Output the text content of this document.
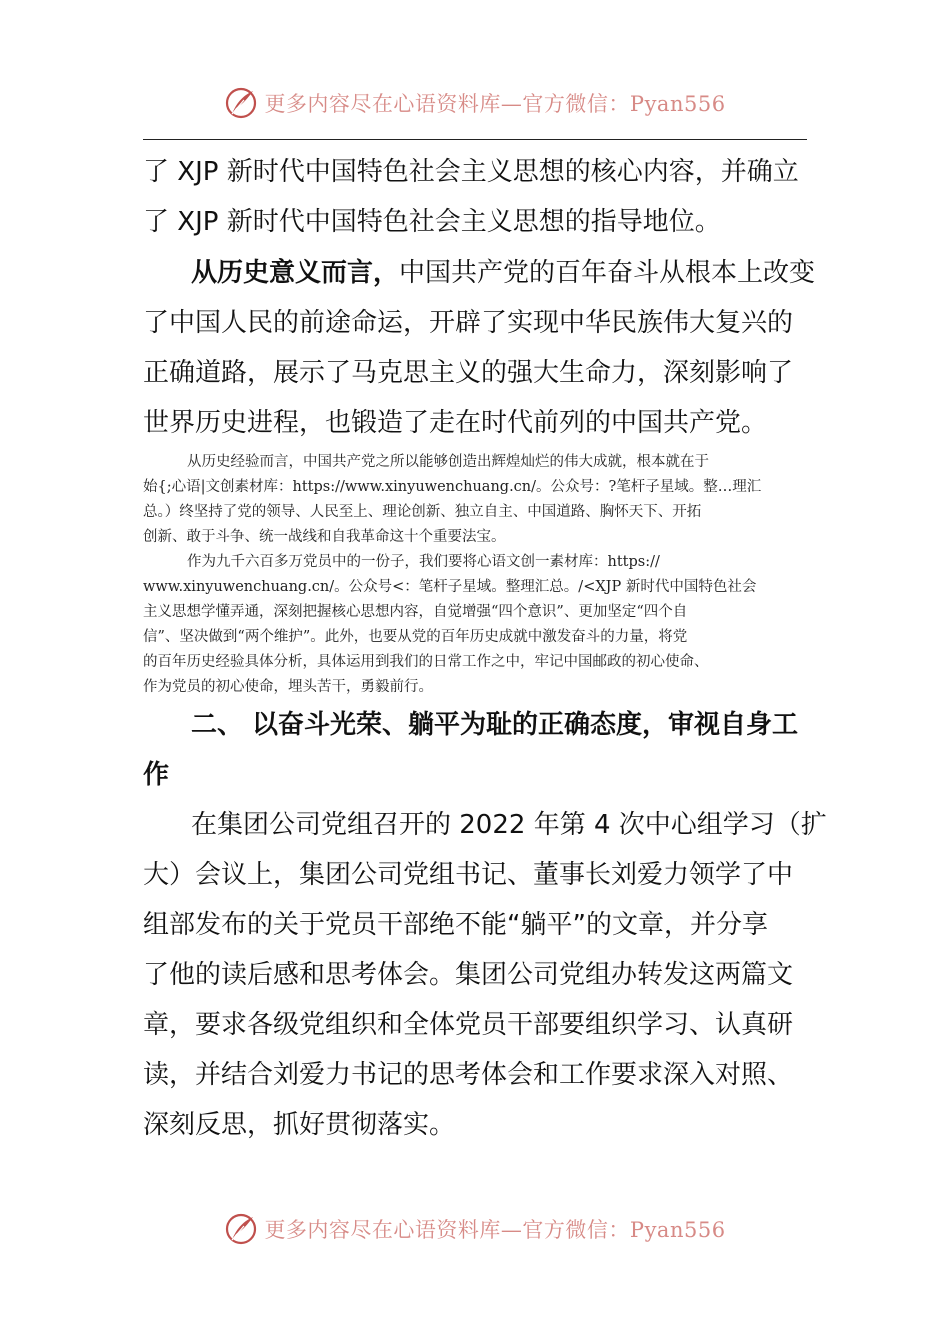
更多内容尽在心语资料库—官方微信：Pyan556

了 XJP 新时代中国特色社会主义思想的核心内容，并确立

了 XJP 新时代中国特色社会主义思想的指导地位。

从历史意义而言，中国共产党的百年奋斗从根本上改变

了中国人民的前途命运，开辟了实现中华民族伟大复兴的

正确道路，展示了马克思主义的强大生命力，深刻影响了

世界历史进程，也锻造了走在时代前列的中国共产党。

从历史经验而言，中国共产党之所以能够创造出辉煌灿烂的伟大成就，根本就在于

始{;心语|文创素材库：https://www.xinyuwenchuang.cn/。公众号：?笔杆子星域。整…理汇

总。）终坚持了党的领导、人民至上、理论创新、独立自主、中国道路、胸怀天下、开拓

创新、敢于斗争、统一战线和自我革命这十个重要法宝。

作为九千六百多万党员中的一份子，我们要将心语文创一素材库：https://

www.xinyuwenchuang.cn/。公众号<：笔杆子星域。整理汇总。/<XJP 新时代中国特色社会

主义思想学懂弄通，深刻把握核心思想内容，自觉增强“四个意识”、更加坚定“四个自

信”、坚决做到“两个维护”。此外，也要从党的百年历史成就中激发奋斗的力量，将党

的百年历史经验具体分析，具体运用到我们的日常工作之中，牢记中国邮政的初心使命、

作为党员的初心使命，埋头苦干，勇毅前行。

二、 以奋斗光荣、躺平为耻的正确态度，审视自身工

作

在集团公司党组召开的 2022 年第 4 次中心组学习（扩

大）会议上，集团公司党组书记、董事长刘爱力领学了中

组部发布的关于党员干部绝不能“躺平”的文章，并分享

了他的读后感和思考体会。集团公司党组办转发这两篇文

章，要求各级党组织和全体党员干部要组织学习、认真研

读，并结合刘爱力书记的思考体会和工作要求深入对照、

深刻反思，抓好贯彻落实。

更多内容尽在心语资料库—官方微信：Pyan556
